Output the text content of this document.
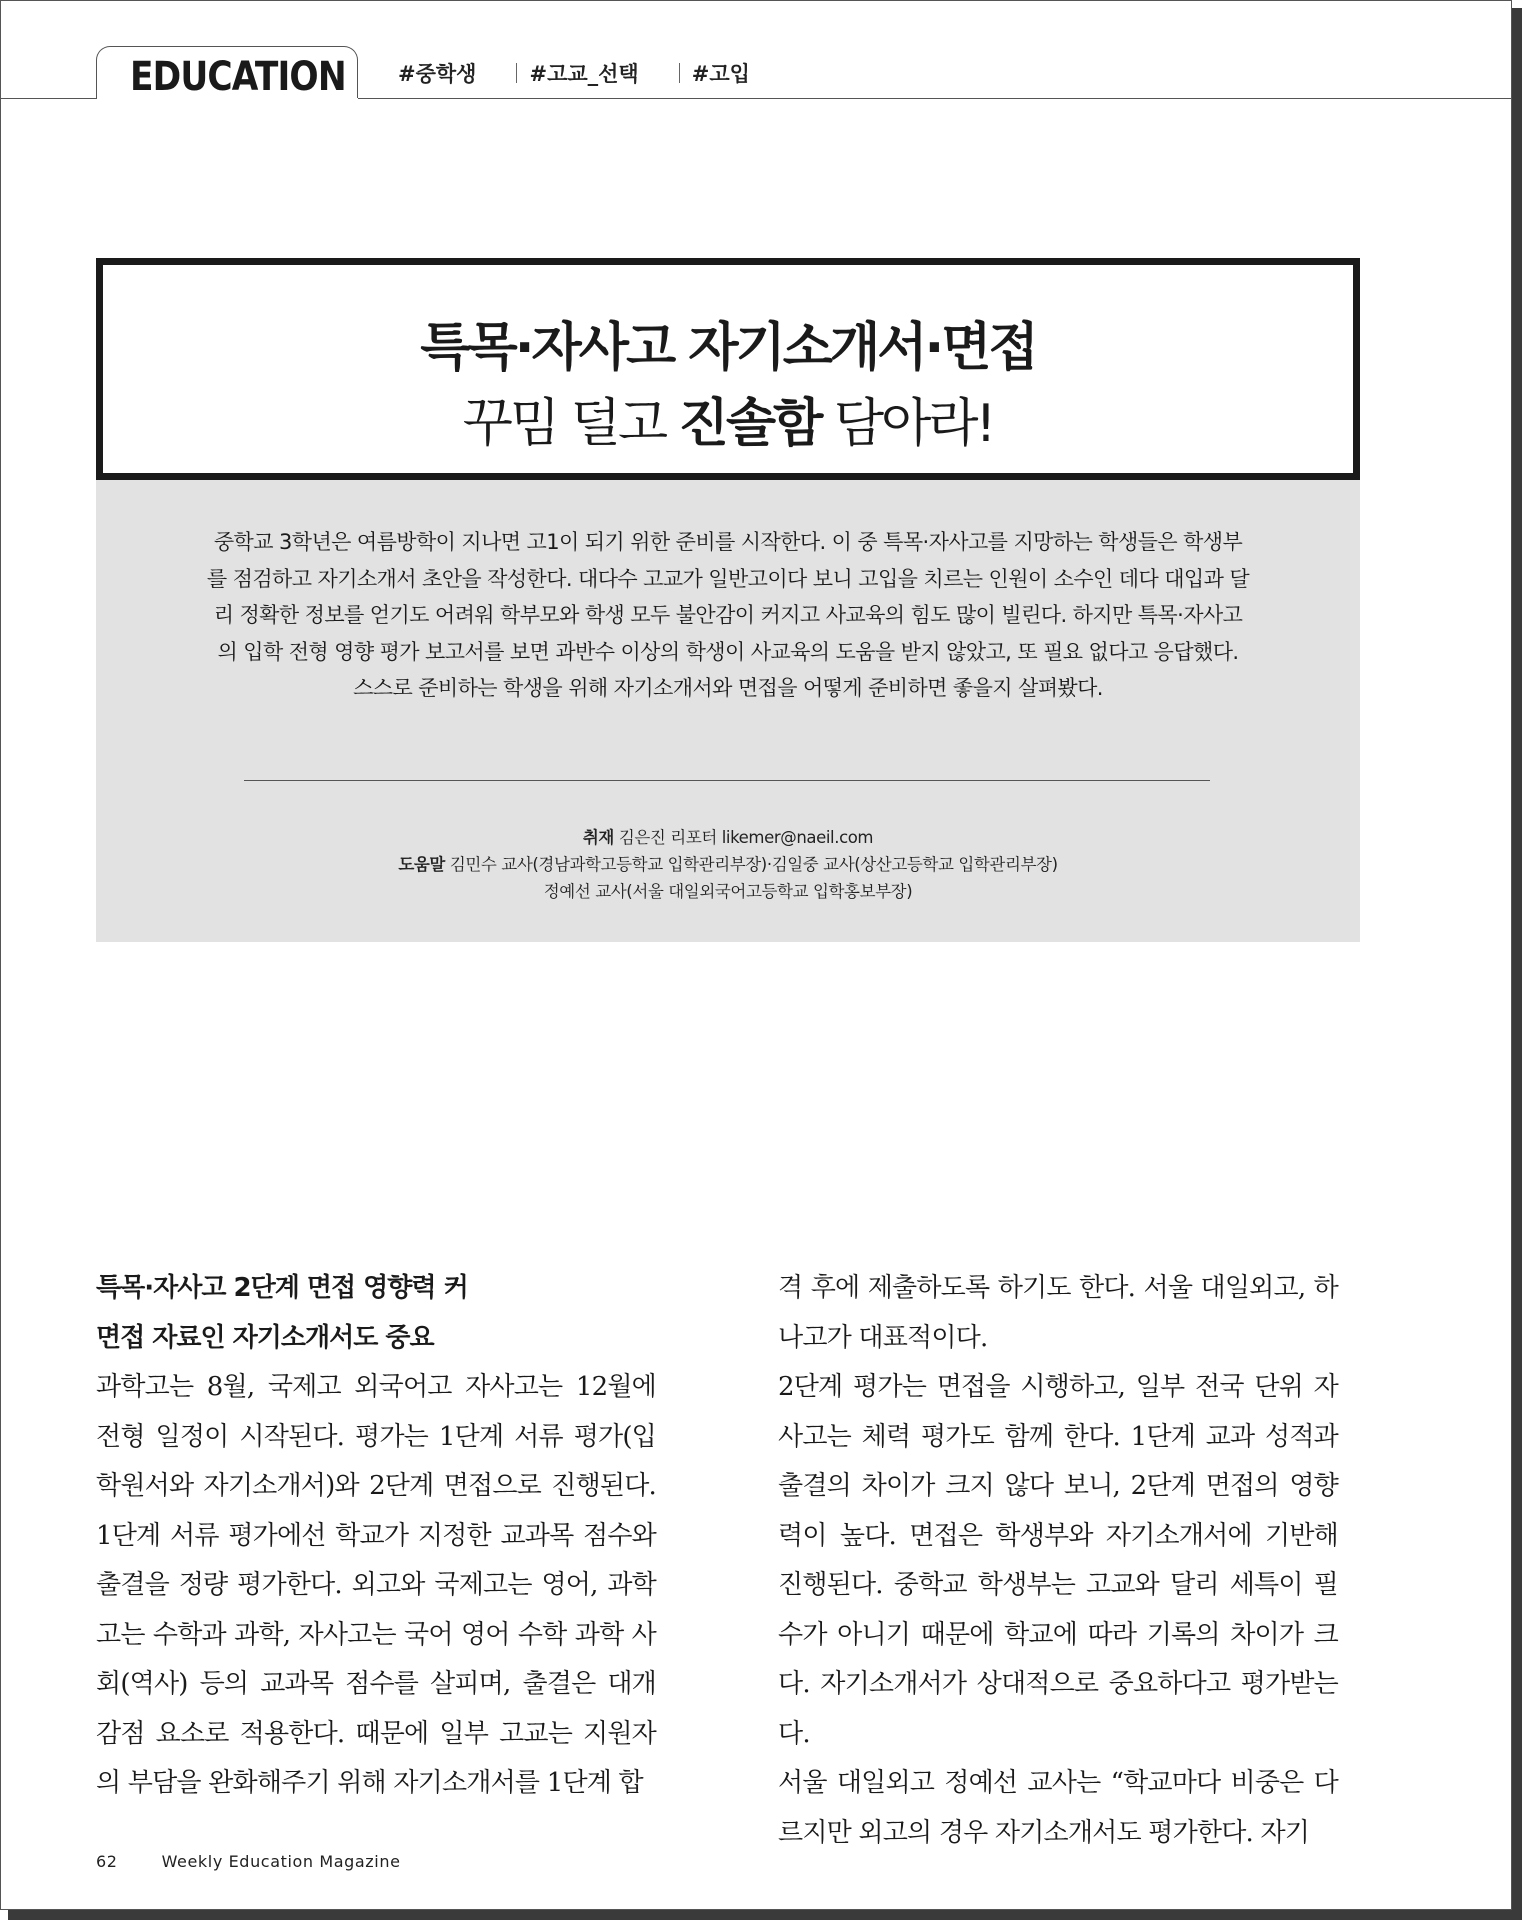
EDUCATION #중학생	#고교_선택	#고입
특목·자사고 자기소개서·면접
꾸밈 덜고 진솔함 담아라!
중학교 3학년은 여름방학이 지나면 고1이 되기 위한 준비를 시작한다. 이 중 특목·자사고를 지망하는 학생들은 학생부를 점검하고 자기소개서 초안을 작성한다. 대다수 고교가 일반고이다 보니 고입을 치르는 인원이 소수인 데다 대입과 달리 정확한 정보를 얻기도 어려워 학부모와 학생 모두 불안감이 커지고 사교육의 힘도 많이 빌린다. 하지만 특목·자사고의 입학 전형 영향 평가 보고서를 보면 과반수 이상의 학생이 사교육의 도움을 받지 않았고, 또 필요 없다고 응답했다. 스스로 준비하는 학생을 위해 자기소개서와 면접을 어떻게 준비하면 좋을지 살펴봤다.
취재 김은진 리포터 likemer@naeil.com
도움말 김민수 교사(경남과학고등학교 입학관리부장)·김일중 교사(상산고등학교 입학관리부장)
정예선 교사(서울 대일외국어고등학교 입학홍보부장)
특목·자사고 2단계 면접 영향력 커
면접 자료인 자기소개서도 중요

과학고는 8월, 국제고 외국어고 자사고는 12월에 전형 일정이 시작된다. 평가는 1단계 서류 평가(입학원서와 자기소개서)와 2단계 면접으로 진행된다. 1단계 서류 평가에선 학교가 지정한 교과목 점수와 출결을 정량 평가한다. 외고와 국제고는 영어, 과학고는 수학과 과학, 자사고는 국어 영어 수학 과학 사회(역사) 등의 교과목 점수를 살피며, 출결은 대개 감점 요소로 적용한다. 때문에 일부 고교는 지원자의 부담을 완화해주기 위해 자기소개서를 1단계 합

격 후에 제출하도록 하기도 한다. 서울 대일외고, 하나고가 대표적이다.

2단계 평가는 면접을 시행하고, 일부 전국 단위 자사고는 체력 평가도 함께 한다. 1단계 교과 성적과 출결의 차이가 크지 않다 보니, 2단계 면접의 영향력이 높다. 면접은 학생부와 자기소개서에 기반해 진행된다. 중학교 학생부는 고교와 달리 세특이 필수가 아니기 때문에 학교에 따라 기록의 차이가 크다. 자기소개서가 상대적으로 중요하다고 평가받는다.

서울 대일외고 정예선 교사는 “학교마다 비중은 다르지만 외고의 경우 자기소개서도 평가한다. 자기

62	Weekly Education Magazine
